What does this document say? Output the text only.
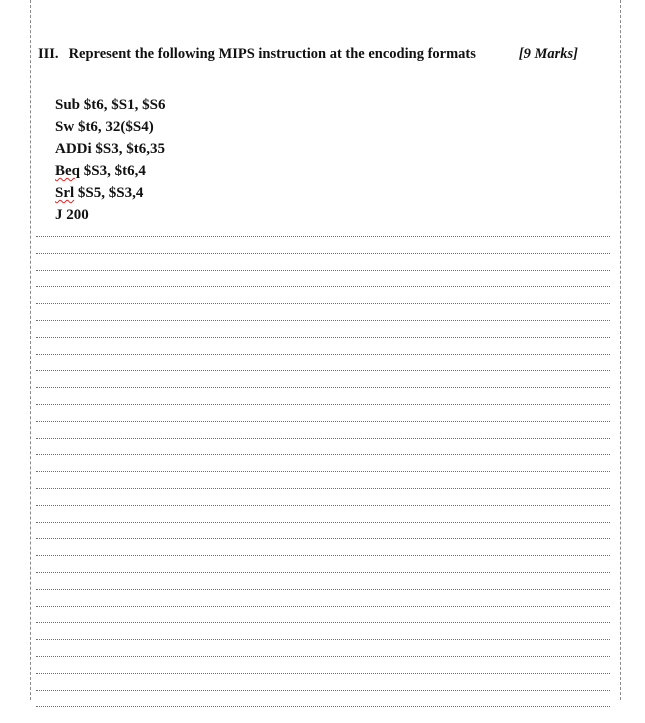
III. Represent the following MIPS instruction at the encoding formats	[9 Marks]
Sub $t6, $S1, $S6
Sw $t6, 32($S4)
ADDi $S3, $t6,35
Beq $S3, $t6,4
Srl $S5, $S3,4
J 200
